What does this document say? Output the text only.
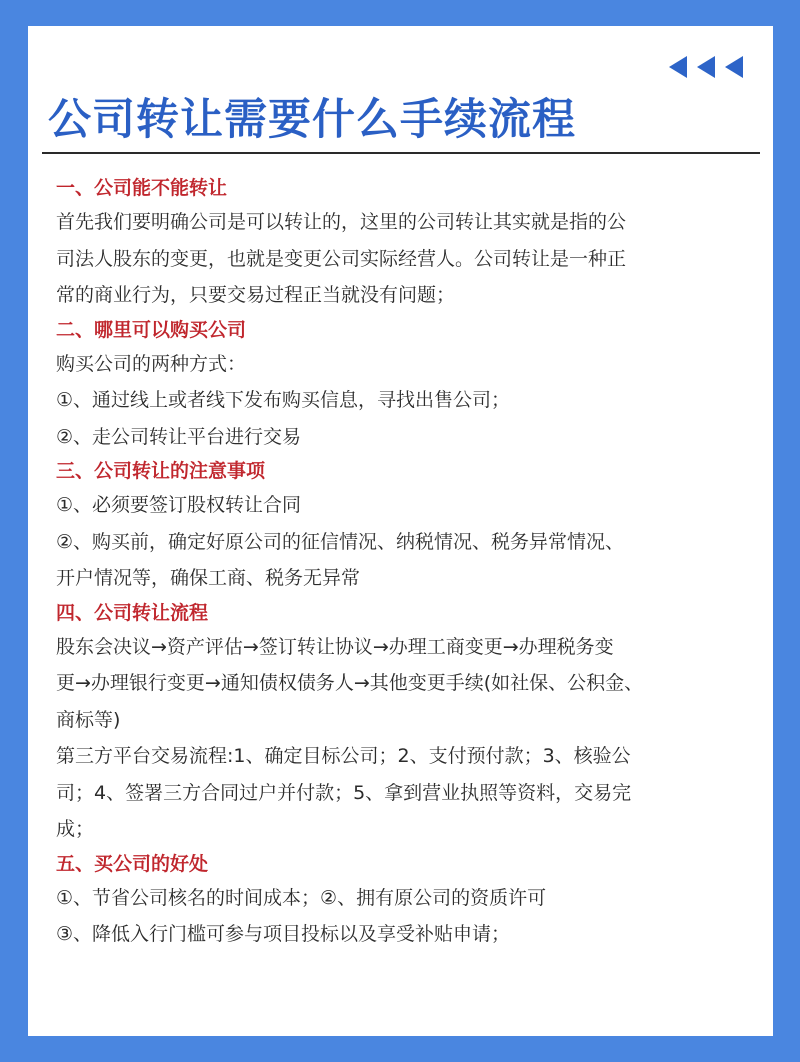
公司转让需要什么手续流程
一、公司能不能转让
首先我们要明确公司是可以转让的，这里的公司转让其实就是指的公
司法人股东的变更，也就是变更公司实际经营人。公司转让是一种正
常的商业行为，只要交易过程正当就没有问题；
二、哪里可以购买公司
购买公司的两种方式：
①、通过线上或者线下发布购买信息，寻找出售公司；
②、走公司转让平台进行交易
三、公司转让的注意事项
①、必须要签订股权转让合同
②、购买前，确定好原公司的征信情况、纳税情况、税务异常情况、
开户情况等，确保工商、税务无异常
四、公司转让流程
股东会决议→资产评估→签订转让协议→办理工商变更→办理税务变
更→办理银行变更→通知债权债务人→其他变更手续(如社保、公积金、
商标等)
第三方平台交易流程:1、确定目标公司；2、支付预付款；3、核验公
司；4、签署三方合同过户并付款；5、拿到营业执照等资料，交易完
成；
五、买公司的好处
①、节省公司核名的时间成本；②、拥有原公司的资质许可
③、降低入行门槛可参与项目投标以及享受补贴申请；
